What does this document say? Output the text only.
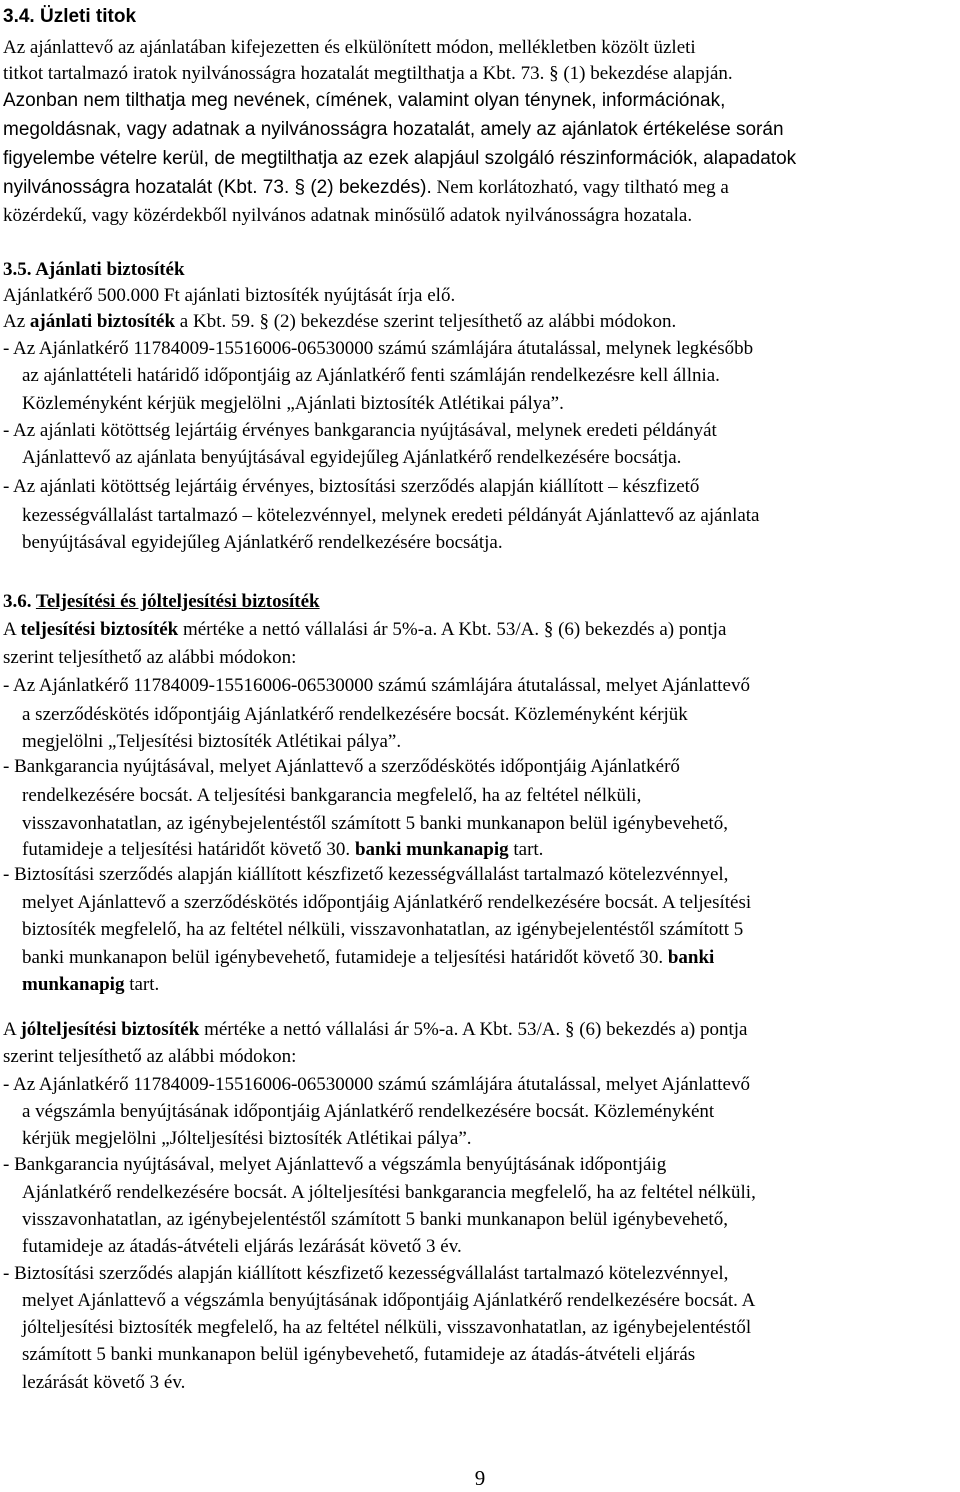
3.4. Üzleti titok
Az ajánlattevő az ajánlatában kifejezetten és elkülönített módon, mellékletben közölt üzleti
titkot tartalmazó iratok nyilvánosságra hozatalát megtilthatja a Kbt. 73. § (1) bekezdése alapján.
Azonban nem tilthatja meg nevének, címének, valamint olyan ténynek, információnak,
megoldásnak, vagy adatnak a nyilvánosságra hozatalát, amely az ajánlatok értékelése során
figyelembe vételre kerül, de megtilthatja az ezek alapjául szolgáló részinformációk, alapadatok
nyilvánosságra hozatalát (Kbt. 73. § (2) bekezdés). Nem korlátozható, vagy tiltható meg a
közérdekű, vagy közérdekből nyilvános adatnak minősülő adatok nyilvánosságra hozatala.
3.5. Ajánlati biztosíték
Ajánlatkérő 500.000 Ft ajánlati biztosíték nyújtását írja elő.
Az ajánlati biztosíték a Kbt. 59. § (2) bekezdése szerint teljesíthető az alábbi módokon.
- Az Ajánlatkérő 11784009-15516006-06530000 számú számlájára átutalással, melynek legkésőbb
az ajánlattételi határidő időpontjáig az Ajánlatkérő fenti számláján rendelkezésre kell állnia.
Közleményként kérjük megjelölni „Ajánlati biztosíték Atlétikai pálya”.
- Az ajánlati kötöttség lejártáig érvényes bankgarancia nyújtásával, melynek eredeti példányát
Ajánlattevő az ajánlata benyújtásával egyidejűleg Ajánlatkérő rendelkezésére bocsátja.
- Az ajánlati kötöttség lejártáig érvényes, biztosítási szerződés alapján kiállított – készfizető
kezességvállalást tartalmazó – kötelezvénnyel, melynek eredeti példányát Ajánlattevő az ajánlata
benyújtásával egyidejűleg Ajánlatkérő rendelkezésére bocsátja.
3.6. Teljesítési és jólteljesítési biztosíték
A teljesítési biztosíték mértéke a nettó vállalási ár 5%-a. A Kbt. 53/A. § (6) bekezdés a) pontja
szerint teljesíthető az alábbi módokon:
- Az Ajánlatkérő 11784009-15516006-06530000 számú számlájára átutalással, melyet Ajánlattevő
a szerződéskötés időpontjáig Ajánlatkérő rendelkezésére bocsát. Közleményként kérjük
megjelölni „Teljesítési biztosíték Atlétikai pálya”.
- Bankgarancia nyújtásával, melyet Ajánlattevő a szerződéskötés időpontjáig Ajánlatkérő
rendelkezésére bocsát. A teljesítési bankgarancia megfelelő, ha az feltétel nélküli,
visszavonhatatlan, az igénybejelentéstől számított 5 banki munkanapon belül igénybevehető,
futamideje a teljesítési határidőt követő 30. banki munkanapig tart.
- Biztosítási szerződés alapján kiállított készfizető kezességvállalást tartalmazó kötelezvénnyel,
melyet Ajánlattevő a szerződéskötés időpontjáig Ajánlatkérő rendelkezésére bocsát. A teljesítési
biztosíték megfelelő, ha az feltétel nélküli, visszavonhatatlan, az igénybejelentéstől számított 5
banki munkanapon belül igénybevehető, futamideje a teljesítési határidőt követő 30. banki
munkanapig tart.
A jólteljesítési biztosíték mértéke a nettó vállalási ár 5%-a. A Kbt. 53/A. § (6) bekezdés a) pontja
szerint teljesíthető az alábbi módokon:
- Az Ajánlatkérő 11784009-15516006-06530000 számú számlájára átutalással, melyet Ajánlattevő
a végszámla benyújtásának időpontjáig Ajánlatkérő rendelkezésére bocsát. Közleményként
kérjük megjelölni „Jólteljesítési biztosíték Atlétikai pálya”.
- Bankgarancia nyújtásával, melyet Ajánlattevő a végszámla benyújtásának időpontjáig
Ajánlatkérő rendelkezésére bocsát. A jólteljesítési bankgarancia megfelelő, ha az feltétel nélküli,
visszavonhatatlan, az igénybejelentéstől számított 5 banki munkanapon belül igénybevehető,
futamideje az átadás-átvételi eljárás lezárását követő 3 év.
- Biztosítási szerződés alapján kiállított készfizető kezességvállalást tartalmazó kötelezvénnyel,
melyet Ajánlattevő a végszámla benyújtásának időpontjáig Ajánlatkérő rendelkezésére bocsát. A
jólteljesítési biztosíték megfelelő, ha az feltétel nélküli, visszavonhatatlan, az igénybejelentéstől
számított 5 banki munkanapon belül igénybevehető, futamideje az átadás-átvételi eljárás
lezárását követő 3 év.
9
